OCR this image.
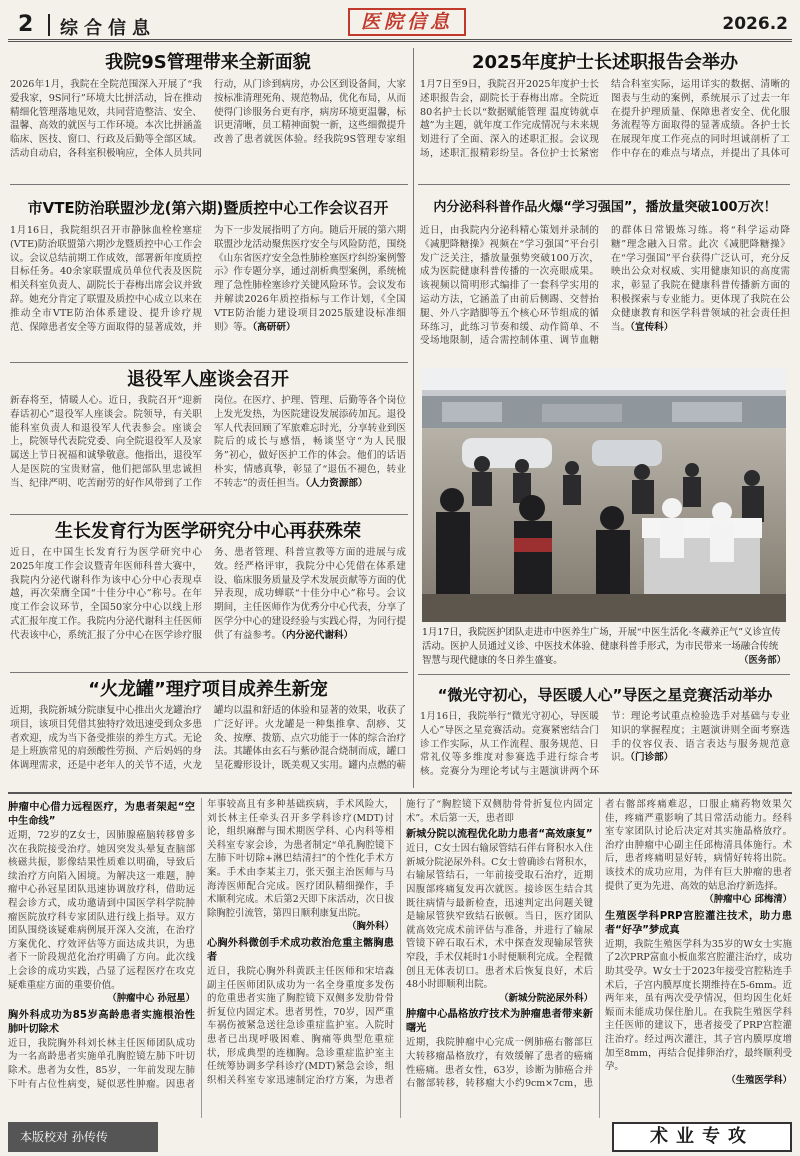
2 综合信息	医院信息	2026.2
我院9S管理带来全新面貌
2026年1月，我院在全院范围深入开展了“我爱我家，9S同行”环境大比拼活动，旨在推动精细化管理落地见效，共同营造整洁、安全、温馨、高效的就医与工作环境。本次比拼涵盖临床、医技、窗口、行政及后勤等全部区域。活动自动启，各科室积极响应，全体人员共同行动，从门诊到病房，办公区到设备间，大家按标准清理死角、规范物品，优化布局，从而使得门诊服务台更有序，病房环境更温馨，标识更清晰，员工精神面貌一新，这些细微提升改善了患者就医体验。经我院9S管理专家组
2025年度护士长述职报告会举办
1月7日至9日，我院召开2025年度护士长述职报告会，副院长于春梅出席。全院近80名护士长以“数据赋能管理 温度铸就卓越”为主题，就年度工作完成情况与未来规划进行了全面、深入的述职汇报。会议现场，述职汇报精彩纷呈。各位护士长紧密结合科室实际，运用详实的数据、清晰的图表与生动的案例，系统展示了过去一年在提升护理质量、保障患者安全、优化服务流程等方面取得的显著成绩。各护士长在展现年度工作亮点的同时坦诚剖析了工作中存在的难点与堵点，并提出了具体可
市VTE防治联盟沙龙(第六期)暨质控中心工作会议召开
1月16日，我院组织召开市静脉血栓栓塞症(VTE)防治联盟第六期沙龙暨质控中心工作会议。会议总结前期工作成效，部署新年度质控目标任务。40余家联盟成员单位代表及医院相关科室负责人、副院长于春梅出席会议并致辞。她充分肯定了联盟及质控中心成立以来在推动全市VTE防治体系建设、提升诊疗规范、保障患者安全等方面取得的显著成效，并为下一步发展指明了方向。随后开展的第六期联盟沙龙活动聚焦医疗安全与风险防范，围绕《山东省医疗安全急性肺栓塞医疗纠纷案例警示》作专题分享，通过剖析典型案例，系统梳理了急性肺栓塞诊疗关键风险环节。会议发布并解读2026年质控指标与工作计划，《全国VTE防治能力建设项目2025版建设标准细则》等。（高研研）
内分泌科科普作品火爆“学习强国”，播放量突破100万次！
近日，由我院内分泌科精心策划并录制的《减肥降糖操》视频在“学习强国”平台引发广泛关注，播放量强势突破100万次，成为医院健康科普传播的一次亮眼成果。该视频以简明形式编排了一套科学实用的运动方法，它涵盖了由前后侧踢、交替抬腿、外八字踏脚等五个核心环节组成的循环练习，此练习节奏和缓、动作简单、不受场地限制，适合需控制体重、调节血糖的群体日常锻炼习练。将“科学运动降糖”理念融入日常。此次《减肥降糖操》在“学习强国”平台获得广泛认可，充分反映出公众对权威、实用健康知识的高度需求，彰显了我院在健康科普传播新方面的积极探索与专业能力。更体现了我院在公众健康教育和医学科普领域的社会责任担当。（宣传科）
退役军人座谈会召开
新春将至，情暖人心。近日，我院召开“迎新春话初心”退役军人座谈会。院领导，有关职能科室负责人和退役军人代表参会。座谈会上，院领导代表院党委、向全院退役军人及家属送上节日祝福和诚挚敬意。他指出，退役军人是医院的宝贵财富，他们把部队里忠诚担当、纪律严明、吃苦耐劳的好作风带到了工作岗位。在医疗、护理、管理、后勤等各个岗位上发光发热，为医院建设发展添砖加瓦。退役军人代表回顾了军旅难忘时光，分享转业到医院后的成长与感悟，畅谈坚守“为人民服务”初心，做好医护工作的体会。他们的话语朴实，情感真挚，彰显了“退伍不褪色，转业不转志”的责任担当。（人力资源部）
生长发育行为医学研究分中心再获殊荣
近日，在中国生长发育行为医学研究中心2025年度工作会议暨青年医师科普大赛中，我院内分泌代谢科作为该中心分中心表现卓越，再次荣膺全国“十佳分中心”称号。在年度工作会议环节，全国50家分中心以线上形式汇报年度工作。我院内分泌代谢科主任医师代表该中心，系统汇报了分中心在医学诊疗服务、患者管理、科普宣教等方面的进展与成效。经严格评审，我院分中心凭借在体系建设、临床服务质量及学术发展贡献等方面的优异表现，成功蝉联“十佳分中心”称号。会议期间，主任医师作为优秀分中心代表，分享了医学分中心的建设经验与实践心得，为同行提供了有益参考。（内分泌代谢科）
“火龙罐”理疗项目成养生新宠
近期，我院新城分院康复中心推出火龙罐治疗项目，该项目凭借其独特疗效迅速受到众多患者欢迎，成为当下备受推崇的养生方式。无论是上班族常见的肩颈酸性劳损、产后妈妈的身体调理需求，还是中老年人的关节不适，火龙罐均以温和舒适的体验和显著的效果，收获了广泛好评。火龙罐是一种集推拿、刮痧、艾灸、按摩、拨筋、点穴功能于一体的综合治疗法。其罐体由玄石与紫砂混合烧制而成，罐口呈花瓣形设计，既美观又实用。罐内点燃的蕲
1月17日，我院医护团队走进市中医养生广场，开展“中医生活化·冬藏养正气”义诊宣传活动。医护人员通过义诊、中医技术体验、健康科普手形式，为市民带来一场融合传统智慧与现代健康的冬日养生盛宴。	（医务部）
“微光守初心，导医暖人心”导医之星竞赛活动举办
1月16日，我院举行“微光守初心，导医暖人心”导医之星竞赛活动。竞赛紧密结合门诊工作实际，从工作流程、服务规范、日常礼仪等多维度对参赛选手进行综合考核。竞赛分为理论考试与主题演讲两个环节：理论考试重点检验选手对基础与专业知识的掌握程度；主题演讲则全面考察选手的仪容仪表、语言表达与服务规范意识。（门诊部）
肿瘤中心借力远程医疗，为患者架起“空中生命线”
近期，72岁的Z女士，因肺腺癌脑转移曾多次在我院接受治疗。她因突发头晕复查脑部核磁共振，影像结果性质难以明确，导致后续治疗方向陷入困境。为解决这一难题，肿瘤中心孙冠星团队迅速协调放疗科，借助远程会诊方式，成功邀请到中国医学科学院肿瘤医院放疗科专家团队进行线上指导。双方团队围绕该疑难病例展开深入交流，在治疗方案优化、疗效评估等方面达成共识，为患者下一阶段规范化治疗明确了方向。此次线上会诊的成功实践，凸显了远程医疗在攻克疑难重症方面的重要价值。
（肿瘤中心 孙冠星）
胸外科成功为85岁高龄患者实施根治性肺叶切除术
近日，我院胸外科刘长林主任医师团队成功为一名高龄患者实施单孔胸腔镜左肺下叶切除术。患者为女性，85岁，一年前发现左肺下叶有占位性病变，疑似恶性肿瘤。因患者年事较高且有多种基础疾病，手术风险大，刘长林主任牵头召开多学科诊疗(MDT)讨论，组织麻醉与围术期医学科、心内科等相关科室专家会诊，为患者制定“单孔胸腔镜下左肺下叶切除+淋巴结清扫”的个性化手术方案。手术由李某主刀，张天强主治医师与马海涛医师配合完成。医疗团队精细操作，手术顺利完成。术后第2天即下床活动，次日拔除胸腔引流管，第四日顺利康复出院。
（胸外科）
心胸外科微创手术成功救治危重主髂胸患者
近日，我院心胸外科黄跃主任医师和宋培森副主任医师团队成功为一名全身重度多发伤的危重患者实施了胸腔镜下双侧多发肋骨骨折复位内固定术。患者男性，70岁，因严重车祸伤被紧急送往急诊重症监护室。入院时患者已出现呼吸困难、胸痛等典型危重症状，形成典型的连枷胸。急诊重症监护室主任统筹协调多学科诊疗(MDT)紧急会诊，组织相关科室专家迅速制定治疗方案，为患者施行了“胸腔镜下双侧肋骨骨折复位内固定术”。术后第一天，患者即
新城分院以流程优化助力患者“高效康复”
近日，C女士因右输尿管结石伴右肾积水入住新城分院泌尿外科。C女士曾确诊右肾积水，右输尿管结石，一年前接受取石治疗，近期因腹部疼痛复发再次就医。接诊医生结合其既往病情与最新检查，迅速判定出问题关键是输尿管狭窄致结石嵌顿。当日，医疗团队就高效完成术前评估与准备，并进行了输尿管镜下碎石取石术，术中探查发现输尿管狭窄段，手术仅耗时1小时便顺利完成。全程微创且无体表切口。患者术后恢复良好，术后48小时即顺利出院。
（新城分院泌尿外科）
肿瘤中心晶格放疗技术为肿瘤患者带来新曙光
近期，我院肿瘤中心完成一例肺癌右髂部巨大转移瘤晶格放疗，有效缓解了患者的癌痛性癌痛。患者女性，63岁，诊断为肺癌合并右髂部转移，转移瘤大小约9cm×7cm，患者右髂部疼痛难忍，口服止痛药物效果欠佳，疼痛严重影响了其日常活动能力。经科室专家团队讨论后决定对其实施晶格放疗。治疗由肿瘤中心副主任邱梅清具体施行。术后，患者疼痛明显好转，病情好转将出院。该技术的成功应用，为伴有巨大肿瘤的患者提供了更为先进、高效的姑息治疗新选择。
（肿瘤中心 邱梅清）
生殖医学科PRP宫腔灌注技术，助力患者“好孕”梦成真
近期，我院生殖医学科为35岁的W女士实施了2次PRP富血小板血浆宫腔灌注治疗，成功助其受孕。W女士于2023年接受宫腔粘连手术后，子宫内膜厚度长期维持在5-6mm。近两年来，虽有两次受孕情况，但均因生化妊娠而未能成功保住胎儿。在我院生殖医学科主任医师的建议下，患者接受了PRP宫腔灌注治疗。经过两次灌注，其子宫内膜厚度增加至8mm，再结合促排卵治疗，最终顺利受孕。
（生殖医学科）
本版校对 孙传传	术业专攻
